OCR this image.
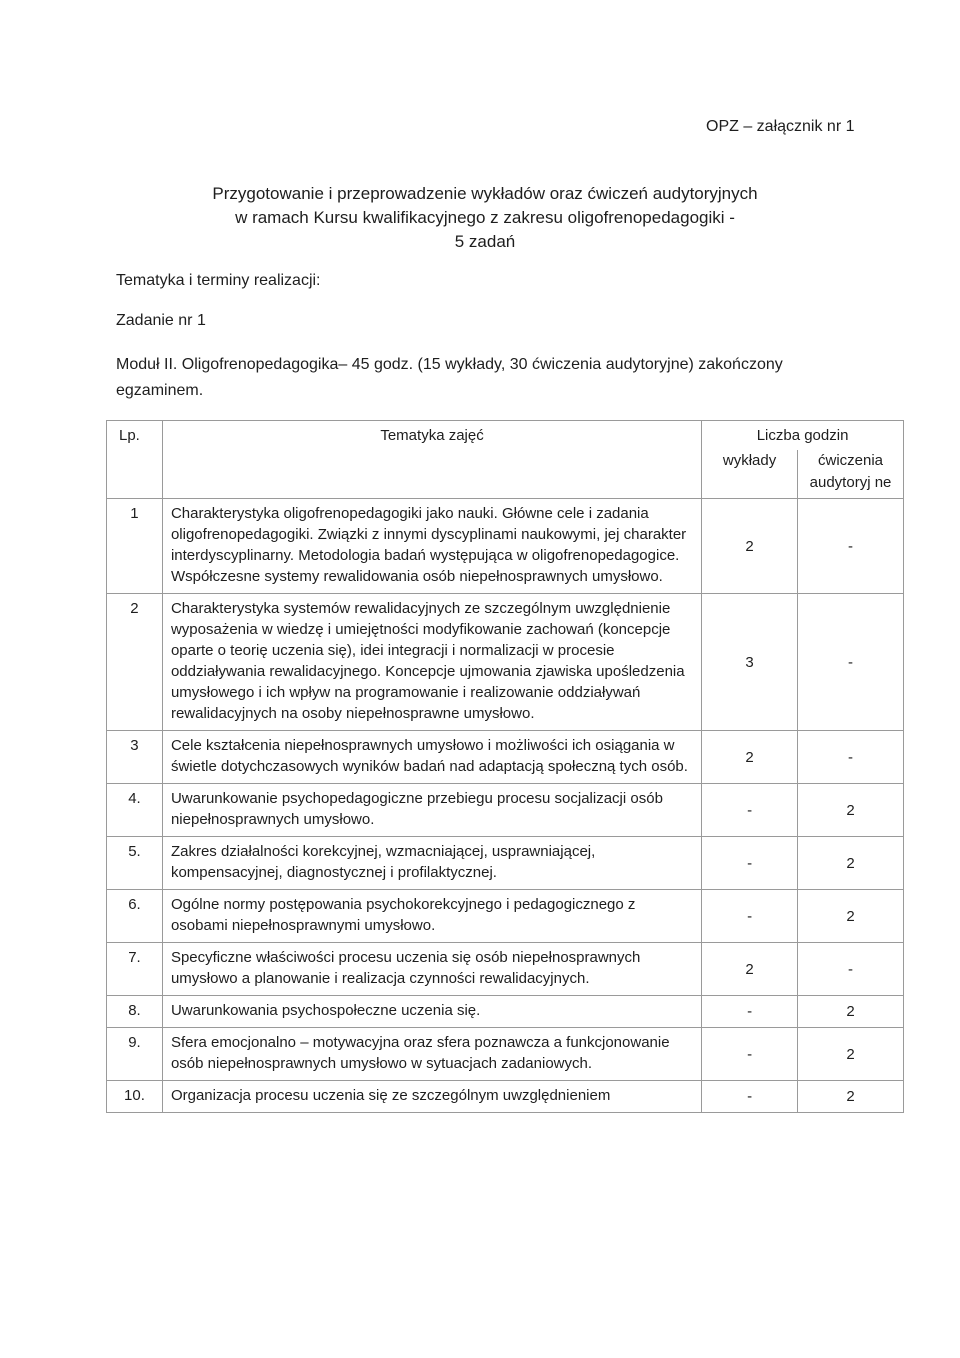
OPZ – załącznik nr 1
Przygotowanie i przeprowadzenie wykładów oraz ćwiczeń audytoryjnych
w ramach Kursu kwalifikacyjnego z zakresu oligofrenopedagogiki -
5 zadań
Tematyka i terminy realizacji:
Zadanie nr 1
Moduł II. Oligofrenopedagogika– 45 godz. (15 wykłady, 30 ćwiczenia audytoryjne) zakończony egzaminem.
Lp.	Tematyka zajęć	Liczba godzin	
		wykłady	ćwiczenia audytoryj ne
1	Charakterystyka oligofrenopedagogiki jako nauki. Główne cele i zadania oligofrenopedagogiki. Związki z innymi dyscyplinami naukowymi, jej charakter interdyscyplinarny. Metodologia badań występująca w oligofrenopedagogice. Współczesne systemy rewalidowania osób niepełnosprawnych umysłowo.	2	-
2	Charakterystyka systemów rewalidacyjnych ze szczególnym uwzględnienie wyposażenia w wiedzę i umiejętności modyfikowanie zachowań (koncepcje oparte o teorię uczenia się), idei integracji i normalizacji w procesie oddziaływania rewalidacyjnego. Koncepcje ujmowania zjawiska upośledzenia umysłowego i ich wpływ na programowanie i realizowanie oddziaływań rewalidacyjnych na osoby niepełnosprawne umysłowo.	3	-
3	Cele kształcenia niepełnosprawnych umysłowo i możliwości ich osiągania w świetle dotychczasowych wyników badań nad adaptacją społeczną tych osób.	2	-
4.	Uwarunkowanie psychopedagogiczne przebiegu procesu socjalizacji osób niepełnosprawnych umysłowo.	-	2
5.	Zakres działalności korekcyjnej, wzmacniającej, usprawniającej, kompensacyjnej, diagnostycznej i profilaktycznej.	-	2
6.	Ogólne normy postępowania psychokorekcyjnego i pedagogicznego z osobami niepełnosprawnymi umysłowo.	-	2
7.	Specyficzne właściwości procesu uczenia się osób niepełnosprawnych umysłowo a planowanie i realizacja czynności rewalidacyjnych.	2	-
8.	Uwarunkowania psychospołeczne uczenia się.	-	2
9.	Sfera emocjonalno – motywacyjna oraz sfera poznawcza a funkcjonowanie osób niepełnosprawnych umysłowo w sytuacjach zadaniowych.	-	2
10.	Organizacja procesu uczenia się ze szczególnym uwzględnieniem	-	2
